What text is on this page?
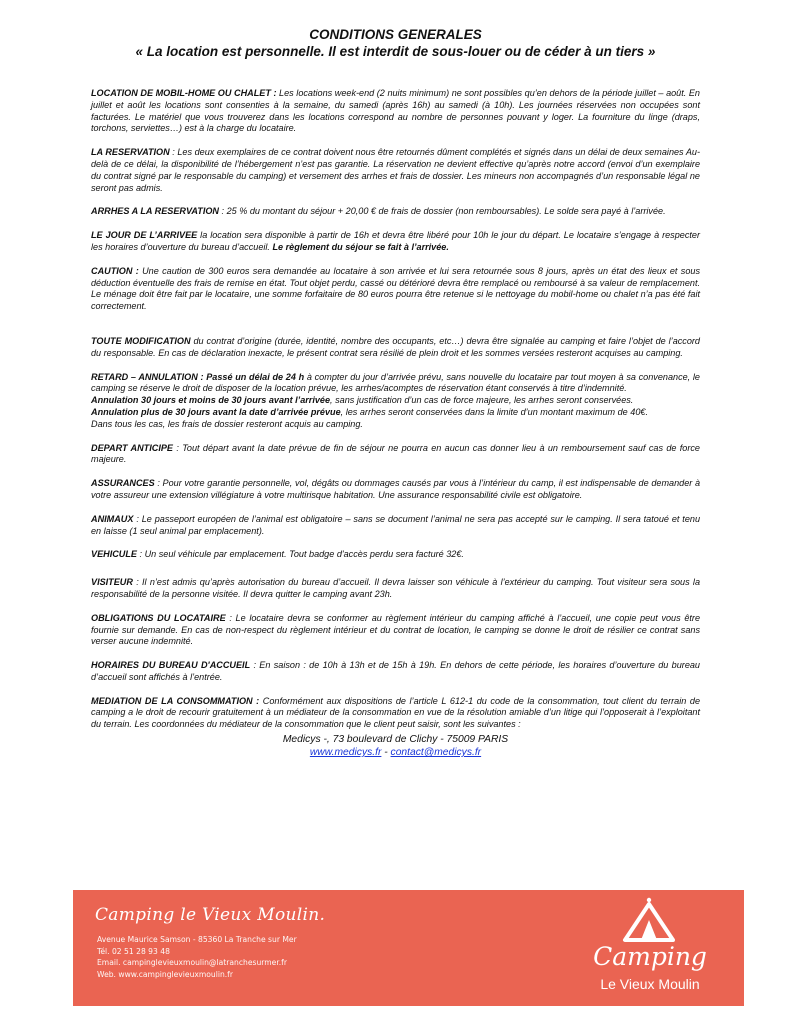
CONDITIONS GENERALES
« La location est personnelle. Il est interdit de sous-louer ou de céder à un tiers »

LOCATION DE MOBIL-HOME OU CHALET : Les locations week-end (2 nuits minimum) ne sont possibles qu’en dehors de la période juillet – août. En juillet et août les locations sont consenties à la semaine, du samedi (après 16h) au samedi (à 10h). Les journées réservées non occupées sont facturées. Le matériel que vous trouverez dans les locations correspond au nombre de personnes pouvant y loger. La fourniture du linge (draps, torchons, serviettes…) est à la charge du locataire.

LA RESERVATION : Les deux exemplaires de ce contrat doivent nous être retournés dûment complétés et signés dans un délai de deux semaines Au-delà de ce délai, la disponibilité de l’hébergement n’est pas garantie. La réservation ne devient effective qu’après notre accord (envoi d’un exemplaire du contrat signé par le responsable du camping) et versement des arrhes et frais de dossier. Les mineurs non accompagnés d’un responsable légal ne seront pas admis.

ARRHES A LA RESERVATION : 25 % du montant du séjour + 20,00 € de frais de dossier (non remboursables). Le solde sera payé à l’arrivée.

LE JOUR DE L’ARRIVEE la location sera disponible à partir de 16h et devra être libéré pour 10h le jour du départ. Le locataire s’engage à respecter les horaires d’ouverture du bureau d’accueil. Le règlement du séjour se fait à l’arrivée.

CAUTION : Une caution de 300 euros sera demandée au locataire à son arrivée et lui sera retournée sous 8 jours, après un état des lieux et sous déduction éventuelle des frais de remise en état. Tout objet perdu, cassé ou détérioré devra être remplacé ou remboursé à sa valeur de remplacement. Le ménage doit être fait par le locataire, une somme forfaitaire de 80 euros pourra être retenue si le nettoyage du mobil-home ou chalet n’a pas été fait correctement.

TOUTE MODIFICATION du contrat d’origine (durée, identité, nombre des occupants, etc…) devra être signalée au camping et faire l’objet de l’accord du responsable. En cas de déclaration inexacte, le présent contrat sera résilié de plein droit et les sommes versées resteront acquises au camping.

RETARD – ANNULATION : Passé un délai de 24 h à compter du jour d’arrivée prévu, sans nouvelle du locataire par tout moyen à sa convenance, le camping se réserve le droit de disposer de la location prévue, les arrhes/acomptes de réservation étant conservés à titre d’indemnité.

Annulation 30 jours et moins de 30 jours avant l’arrivée, sans justification d’un cas de force majeure, les arrhes seront conservées.

Annulation plus de 30 jours avant la date d’arrivée prévue, les arrhes seront conservées dans la limite d’un montant maximum de 40€.

Dans tous les cas, les frais de dossier resteront acquis au camping.

DEPART ANTICIPE : Tout départ avant la date prévue de fin de séjour ne pourra en aucun cas donner lieu à un remboursement sauf cas de force majeure.

ASSURANCES : Pour votre garantie personnelle, vol, dégâts ou dommages causés par vous à l’intérieur du camp, il est indispensable de demander à votre assureur une extension villégiature à votre multirisque habitation. Une assurance responsabilité civile est obligatoire.

ANIMAUX : Le passeport européen de l’animal est obligatoire – sans se document l’animal ne sera pas accepté sur le camping. Il sera tatoué et tenu en laisse (1 seul animal par emplacement).

VEHICULE : Un seul véhicule par emplacement. Tout badge d'accès perdu sera facturé 32€.

VISITEUR : Il n’est admis qu’après autorisation du bureau d’accueil. Il devra laisser son véhicule à l’extérieur du camping. Tout visiteur sera sous la responsabilité de la personne visitée. Il devra quitter le camping avant 23h.

OBLIGATIONS DU LOCATAIRE : Le locataire devra se conformer au règlement intérieur du camping affiché à l’accueil, une copie peut vous être fournie sur demande. En cas de non-respect du règlement intérieur et du contrat de location, le camping se donne le droit de résilier ce contrat sans verser aucune indemnité.

HORAIRES DU BUREAU D'ACCUEIL : En saison : de 10h à 13h et de 15h à 19h. En dehors de cette période, les horaires d’ouverture du bureau d’accueil sont affichés à l’entrée.

MEDIATION DE LA CONSOMMATION : Conformément aux dispositions de l’article L 612-1 du code de la consommation, tout client du terrain de camping a le droit de recourir gratuitement à un médiateur de la consommation en vue de la résolution amiable d’un litige qui l’opposerait à l’exploitant du terrain. Les coordonnées du médiateur de la consommation que le client peut saisir, sont les suivantes :

Medicys -, 73 boulevard de Clichy - 75009 PARIS
www.medicys.fr - contact@medicys.fr
Camping le Vieux Moulin.
Avenue Maurice Samson - 85360 La Tranche sur Mer
Tél. 02 51 28 93 48
Email. campinglevieuxmoulin@latranchesurmer.fr
Web. www.campinglevieuxmoulin.fr
Camping
Le Vieux Moulin
